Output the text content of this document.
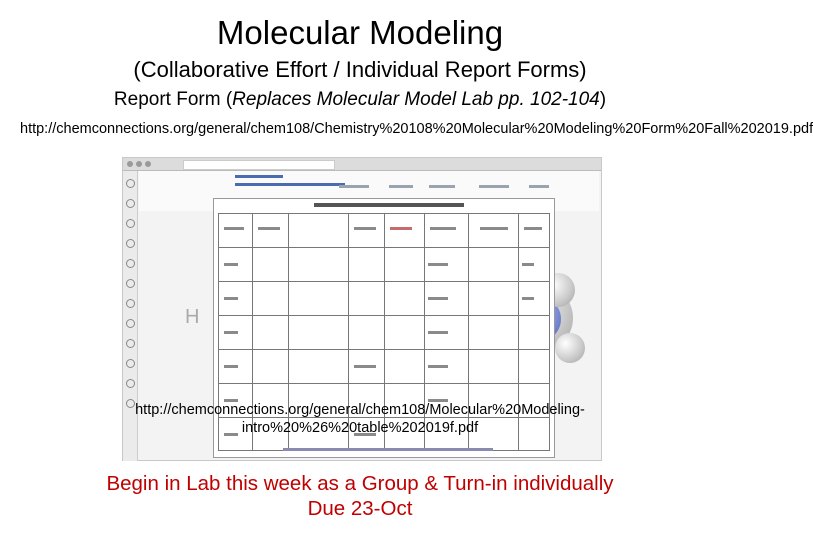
Molecular Modeling
(Collaborative Effort / Individual Report Forms)
Report Form (Replaces Molecular Model Lab pp. 102-104)
http://chemconnections.org/general/chem108/Chemistry%20108%20Molecular%20Modeling%20Form%20Fall%202019.pdf
H
http://chemconnections.org/general/chem108/Molecular%20Modeling-intro%20%26%20table%202019f.pdf
Begin in Lab this week as a Group & Turn-in individually
Due 23-Oct
